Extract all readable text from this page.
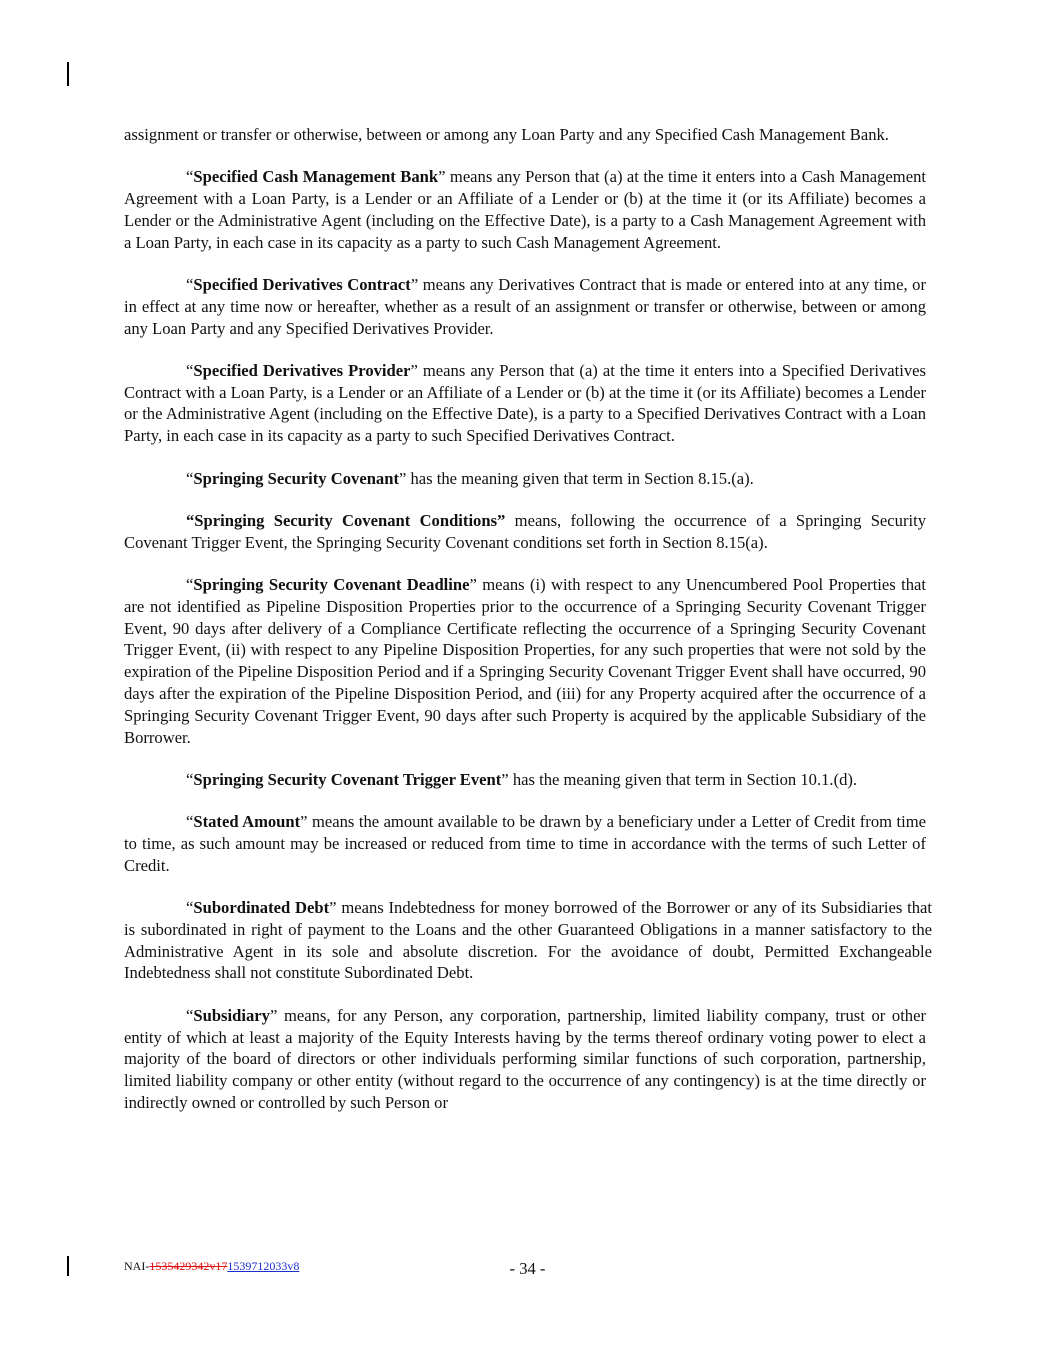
assignment or transfer or otherwise, between or among any Loan Party and any Specified Cash Management Bank.

“Specified Cash Management Bank” means any Person that (a) at the time it enters into a Cash Management Agreement with a Loan Party, is a Lender or an Affiliate of a Lender or (b) at the time it (or its Affiliate) becomes a Lender or the Administrative Agent (including on the Effective Date), is a party to a Cash Management Agreement with a Loan Party, in each case in its capacity as a party to such Cash Management Agreement.

“Specified Derivatives Contract” means any Derivatives Contract that is made or entered into at any time, or in effect at any time now or hereafter, whether as a result of an assignment or transfer or otherwise, between or among any Loan Party and any Specified Derivatives Provider.

“Specified Derivatives Provider” means any Person that (a) at the time it enters into a Specified Derivatives Contract with a Loan Party, is a Lender or an Affiliate of a Lender or (b) at the time it (or its Affiliate) becomes a Lender or the Administrative Agent (including on the Effective Date), is a party to a Specified Derivatives Contract with a Loan Party, in each case in its capacity as a party to such Specified Derivatives Contract.

“Springing Security Covenant” has the meaning given that term in Section 8.15.(a).

“Springing Security Covenant Conditions” means, following the occurrence of a Springing Security Covenant Trigger Event, the Springing Security Covenant conditions set forth in Section 8.15(a).

“Springing Security Covenant Deadline” means (i) with respect to any Unencumbered Pool Properties that are not identified as Pipeline Disposition Properties prior to the occurrence of a Springing Security Covenant Trigger Event, 90 days after delivery of a Compliance Certificate reflecting the occurrence of a Springing Security Covenant Trigger Event, (ii) with respect to any Pipeline Disposition Properties, for any such properties that were not sold by the expiration of the Pipeline Disposition Period and if a Springing Security Covenant Trigger Event shall have occurred, 90 days after the expiration of the Pipeline Disposition Period, and (iii) for any Property acquired after the occurrence of a Springing Security Covenant Trigger Event, 90 days after such Property is acquired by the applicable Subsidiary of the Borrower.

“Springing Security Covenant Trigger Event” has the meaning given that term in Section 10.1.(d).

“Stated Amount” means the amount available to be drawn by a beneficiary under a Letter of Credit from time to time, as such amount may be increased or reduced from time to time in accordance with the terms of such Letter of Credit.

“Subordinated Debt” means Indebtedness for money borrowed of the Borrower or any of its Subsidiaries that is subordinated in right of payment to the Loans and the other Guaranteed Obligations in a manner satisfactory to the Administrative Agent in its sole and absolute discretion. For the avoidance of doubt, Permitted Exchangeable Indebtedness shall not constitute Subordinated Debt.

“Subsidiary” means, for any Person, any corporation, partnership, limited liability company, trust or other entity of which at least a majority of the Equity Interests having by the terms thereof ordinary voting power to elect a majority of the board of directors or other individuals performing similar functions of such corporation, partnership, limited liability company or other entity (without regard to the occurrence of any contingency) is at the time directly or indirectly owned or controlled by such Person or

NAI-1535429342v171539712033v8	- 34 -
